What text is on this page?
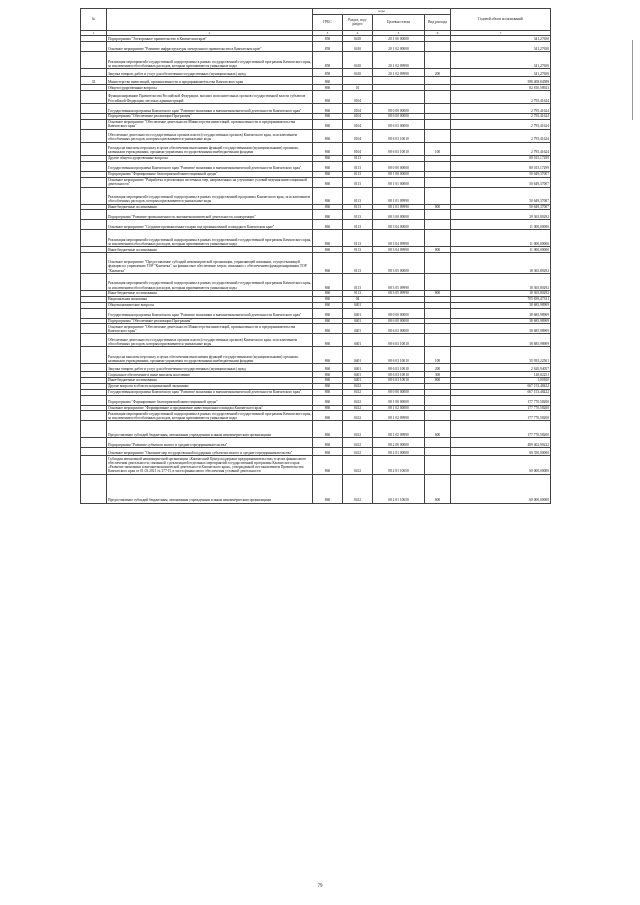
№		коды				Годовой объем ассигнований
		ГРБС	Раздел, под-раздел	Целевая статья	Вид расхода	
1	2	3	4	5	6	7
	Подпрограмма "Электронное правительство в Камчатском крае"	858	0410	20 1 00 00000		341,27650
	Основное мероприятие "Развитие инфраструктуры электронного правительства в Камчатском крае"	858	0410	20 1 02 00000		341,27650
	Реализация мероприятий государственной подпрограммы в рамках государственной государственной программы Камчатского края, за исключением обособленных расходов, которым присваиваются уникальные коды	858	0410	20 1 02 09990		341,27650
	Закупка товаров, работ и услуг для обеспечения государственных (муниципальных) нужд	858	0410	20 1 02 09990	200	341,27650
33	Министерство инвестиций, промышленности и предпринимательства Камчатского края	860				588 408,84588
	Общегосударственные вопросы	860	01			82 810,58923
	Функционирование Правительства Российской Федерации, высших исполнительных органов государственной власти субъектов Российской Федерации, местных администраций	860	0104			2 795,41624
	Государственная программа Камчатского края "Развитие экономики и внешнеэкономической деятельности Камчатского края"	860	0104	08 0 00 00000		2 795,41624
	Подпрограмма "Обеспечение реализации Программы"	860	0104	08 6 00 00000		2 795,41624
	Основное мероприятие "Обеспечение деятельности Министерства инвестиций, промышленности и предпринимательства Камчатского края"	860	0104	08 6 03 00000		2 795,41624
	Обеспечение деятельности государственных органов власти (государственных органов) Камчатского края, за исключением обособленных расходов, которым присваиваются уникальные коды	860	0104	08 6 03 10010		2 795,41624
	Расходы на выплаты персоналу в целях обеспечения выполнения функций государственными (муниципальными) органами, казенными учреждениями, органами управления государственными внебюджетными фондами	860	0104	08 6 03 10010	100	2 795,41624
	Другие общегосударственные вопросы	860	0113			80 015,17299
	Государственная программа Камчатского края "Развитие экономики и внешнеэкономической деятельности Камчатского края"	860	0113	08 0 00 00000		80 015,17299
	Подпрограмма "Формирование благоприятной инвестиционной среды"	860	0113	08 1 00 00000		50 649,37007
	Основное мероприятие "Разработка и реализация системных мер, направленных на улучшение условий ведения инвестиционной деятельности"	860	0113	08 1 01 00000		50 649,37007
	Реализация мероприятий государственной подпрограммы в рамках государственной программы Камчатского края, за исключением обособленных расходов, которым присваиваются уникальные коды	860	0113	08 1 01 09990		50 649,37007
	Иные бюджетные ассигнования	860	0113	08 1 01 09990	800	50 649,37007
	Подпрограмма "Развитие промышленности, внешнеэкономической деятельности, конкуренции"	860	0113	08 3 00 00000		29 365,80292
	Основное мероприятие "Создание промышленного парка под промышленной площадки в Камчатском крае"	860	0113	08 3 04 00000		11 000,00000
	Реализация мероприятий государственной подпрограммы в рамках государственной государственной программы Камчатского края, за исключением обособленных расходов, которым присваиваются уникальные коды	860	0113	08 3 04 09990		11 000,00000
	Иные бюджетные ассигнования	860	0113	08 3 04 09990	800	11 000,00000
	Основное мероприятие "Предоставление субсидий некоммерческой организации, управляющей компании, осуществляющей функции по управлению ТОР "Камчатка", на финансовое обеспечение затрат, связанных с обеспечением функционирования ТОР "Камчатка"	860	0113	08 3 05 00000		18 365,80292
	Реализация мероприятий государственной подпрограммы в рамках государственной государственной программы Камчатского края, за исключением обособленных расходов, которым присваиваются уникальные коды	860	0113	08 3 05 09990		18 365,80292
	Иные бюджетные ассигнования	860	0113	08 3 05 09990	800	18 365,80292
	Национальная экономика	860	04			705 839,47331
	Общеэкономические вопросы	860	0401			38 685,98909
	Государственная программа Камчатского края "Развитие экономики и внешнеэкономической деятельности Камчатского края"	860	0401	08 0 00 00000		38 685,98909
	Подпрограмма "Обеспечение реализации Программы"	860	0401	08 6 00 00000		38 685,98909
	Основное мероприятие "Обеспечение деятельности Министерства инвестиций, промышленности и предпринимательства Камчатского края"	860	0401	08 6 03 00000		38 685,98909
	Обеспечение деятельности государственных органов власти (государственных органов) Камчатского края, за исключением обособленных расходов, которым присваиваются уникальные коды	860	0401	08 6 03 10010		38 685,98909
	Расходы на выплаты персоналу в целях обеспечения выполнения функций государственными (муниципальными) органами, казенными учреждениями, органами управления государственными внебюджетными фондами	860	0401	08 6 03 10010	100	35 935,22501
	Закупка товаров, работ и услуг для обеспечения государственных (муниципальных) нужд	860	0401	08 6 03 10010	200	2 620,94057
	Социальное обеспечение и иные выплаты населению	860	0401	08 6 03 10010	300	128,82251
	Иные бюджетные ассигнования	860	0401	08 6 03 10010	800	1,00100
	Другие вопросы в области национальной экономики	860	0412			667 153,48422
	Государственная программа Камчатского края "Развитие экономики и внешнеэкономической деятельности Камчатского края"	860	0412	08 0 00 00000		667 153,48422
	Подпрограмма "Формирование благоприятной инвестиционной среды"	860	0412	08 1 00 00000		177 770,58200
	Основное мероприятие "Формирование и продвижение инвестиционного имиджа Камчатского края"	860	0412	08 1 02 00000		177 770,58200
	Реализация мероприятий государственной подпрограммы в рамках государственной государственной программы Камчатского края, за исключением обособленных расходов, которым присваиваются уникальные коды	860	0412	08 1 02 09990		177 770,58200
	Предоставление субсидий бюджетным, автономным учреждениям и иным некоммерческим организациям	860	0412	08 1 02 09990	600	177 770,58200
	Подпрограмма "Развитие субъектов малого и среднего предпринимательства"	860	0412	08 2 00 00000		489 402,90222
	Основное мероприятие "Оказание мер государственной поддержки субъектам малого и среднего предпринимательства"	860	0412	08 2 01 00000		69 350,00000
	Субсидия автономной некоммерческой организации «Камчатский Центр поддержки предпринимательства» в целях финансового обеспечения деятельности, связанной с реализацией отдельных мероприятий государственной программы Камчатского края «Развитие экономики и внешнеэкономической деятельности Камчатского края», утвержденной постановлением Правительства Камчатского края от 01.03.2021 № 277-П, в части финансового обеспечения уставной деятельности	860	0412	08 2 01 10650		60 000,00000
	Предоставление субсидий бюджетным, автономным учреждениям и иным некоммерческим организациям	860	0412	08 2 01 10650	600	60 000,00000
79
